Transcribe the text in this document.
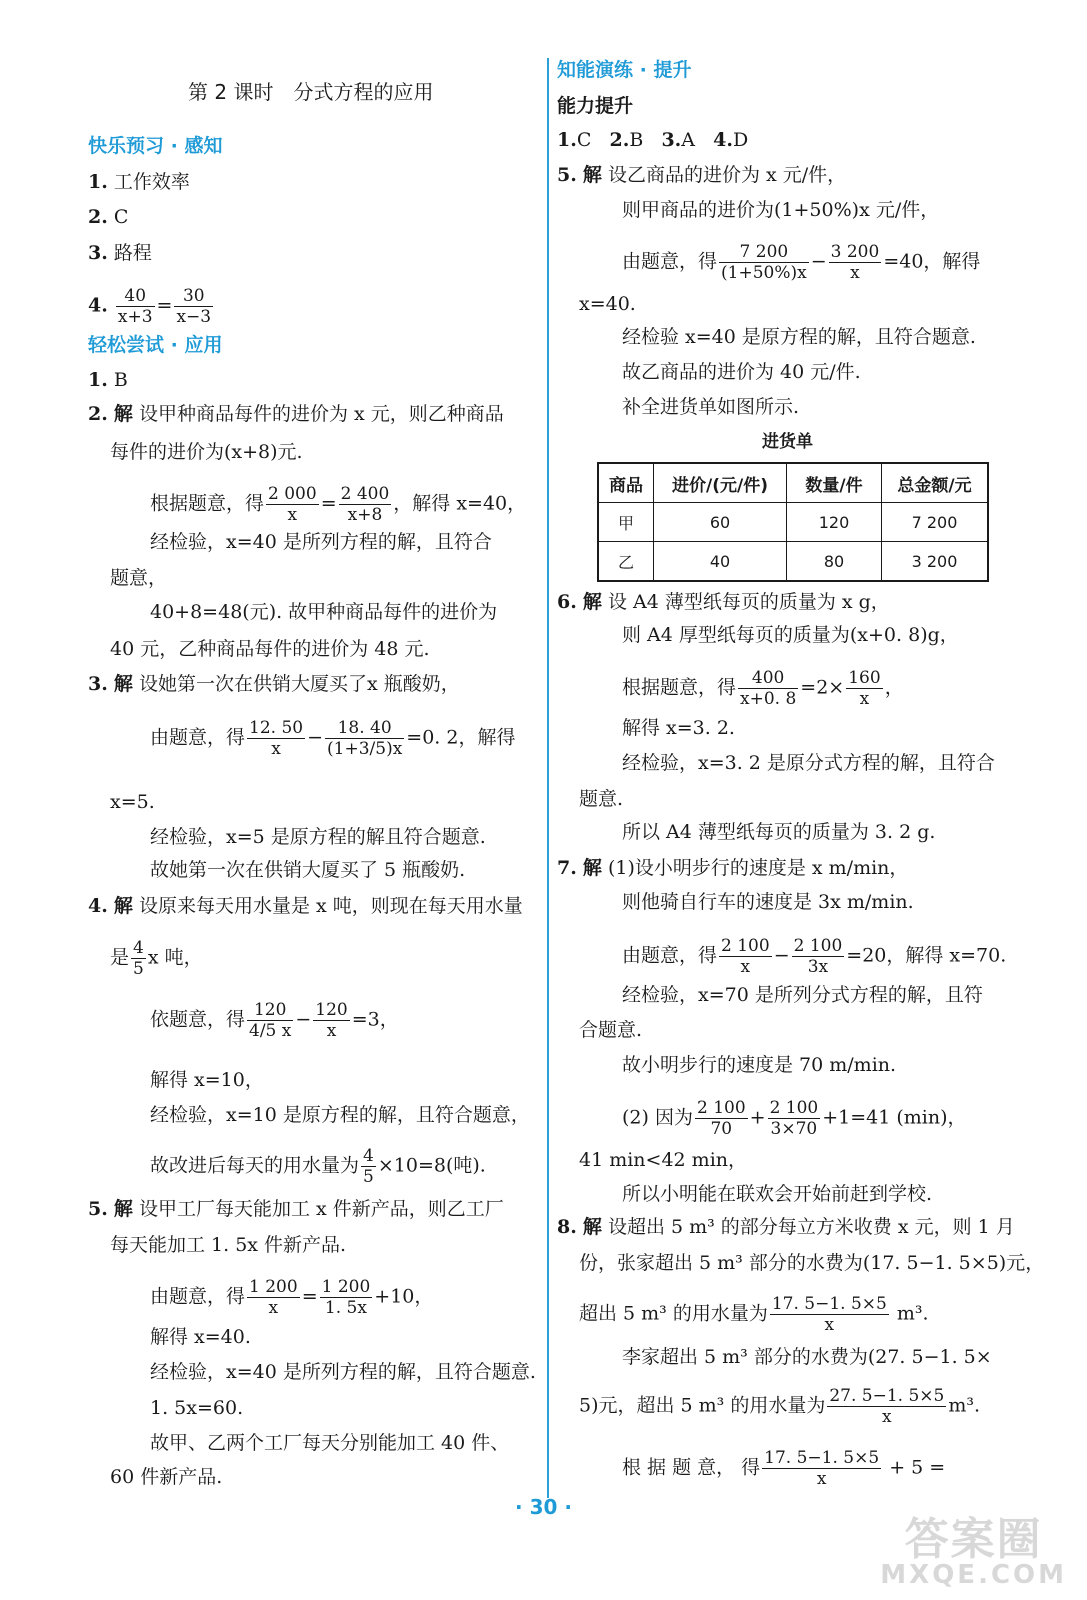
第 2 课时　分式方程的应用
快乐预习 · 感知
1. 工作效率
2. C
3. 路程
4. $\frac{40}{x+3} = \frac{30}{x-3}$
轻松尝试 · 应用
1. B
2. 解 设甲种商品每件的进价为 x 元，则乙种商品
每件的进价为(x+8)元.
根据题意，得 $\frac{2 000}{x} = \frac{2 400}{x+8}$ ，解得 x=40，
经检验，x=40 是所列方程的解，且符合
题意，
40+8=48(元). 故甲种商品每件的进价为
40 元，乙种商品每件的进价为 48 元.
3. 解 设她第一次在供销大厦买了x 瓶酸奶，
由题意，得 $\frac{12. 50}{x} - \frac{18. 40}{(1+3/5)x} =0$. 2，解得
x=5.
经检验，x=5 是原方程的解且符合题意.
故她第一次在供销大厦买了 5 瓶酸奶.
4. 解 设原来每天用水量是 x 吨，则现在每天用水量
是 $\frac{4}{5}$ x 吨，
依题意，得 $\frac{120}{4/5 x} - \frac{120}{x} =3$，
解得 x=10，
经检验，x=10 是原方程的解，且符合题意，
故改进后每天的用水量为 $\frac{4}{5} \times 10=8$(吨).
5. 解 设甲工厂每天能加工 x 件新产品，则乙工厂
每天能加工 1. 5x 件新产品.
由题意，得 $\frac{1 200}{x} = \frac{1 200}{1. 5x} +10$，
解得 x=40.
经检验，x=40 是所列方程的解，且符合题意.
1. 5x=60.
故甲、乙两个工厂每天分别能加工 40 件、
60 件新产品.
知能演练 · 提升
能力提升
1.C 2.B 3.A 4.D
5. 解 设乙商品的进价为 x 元/件，
则甲商品的进价为(1+50%)x 元/件，
由题意，得 $\frac{7 200}{(1+50\%)x} - \frac{3 200}{x} =40$，解得
x=40.
经检验 x=40 是原方程的解，且符合题意.
故乙商品的进价为 40 元/件.
补全进货单如图所示.
进货单
商品	进价/(元/件)	数量/件	总金额/元
甲	60	120	7 200
乙	40	80	3 200
6. 解 设 A4 薄型纸每页的质量为 x g，
则 A4 厚型纸每页的质量为(x+0. 8)g，
根据题意，得 $\frac{400}{x+0. 8} =2\times \frac{160}{x}$ ，
解得 x=3. 2.
经检验，x=3. 2 是原分式方程的解，且符合
题意.
所以 A4 薄型纸每页的质量为 3. 2 g.
7. 解 (1)设小明步行的速度是 x m/min，
则他骑自行车的速度是 3x m/min.
由题意，得 $\frac{2 100}{x} - \frac{2 100}{3x} =20$，解得 x=70.
经检验，x=70 是所列分式方程的解，且符
合题意.
故小明步行的速度是 70 m/min.
(2) 因为 $\frac{2 100}{70} + \frac{2 100}{3\times 70} +1=41$ (min)，
41 min<42 min，
所以小明能在联欢会开始前赶到学校.
8. 解 设超出 5 m³ 的部分每立方米收费 x 元，则 1 月
份，张家超出 5 m³ 部分的水费为(17. 5−1. 5×5)元，
超出 5 m³ 的用水量为 $\frac{17. 5-1. 5\times 5}{x} m^3$.
李家超出 5 m³ 部分的水费为(27. 5−1. 5×
5)元，超出 5 m³ 的用水量为 $\frac{27. 5-1. 5\times 5}{x} m^3$.
根 据 题 意， 得 $\frac{17. 5-1. 5\times 5}{x} + 5$ =
· 30 ·
答案圈
MXQE.COM
